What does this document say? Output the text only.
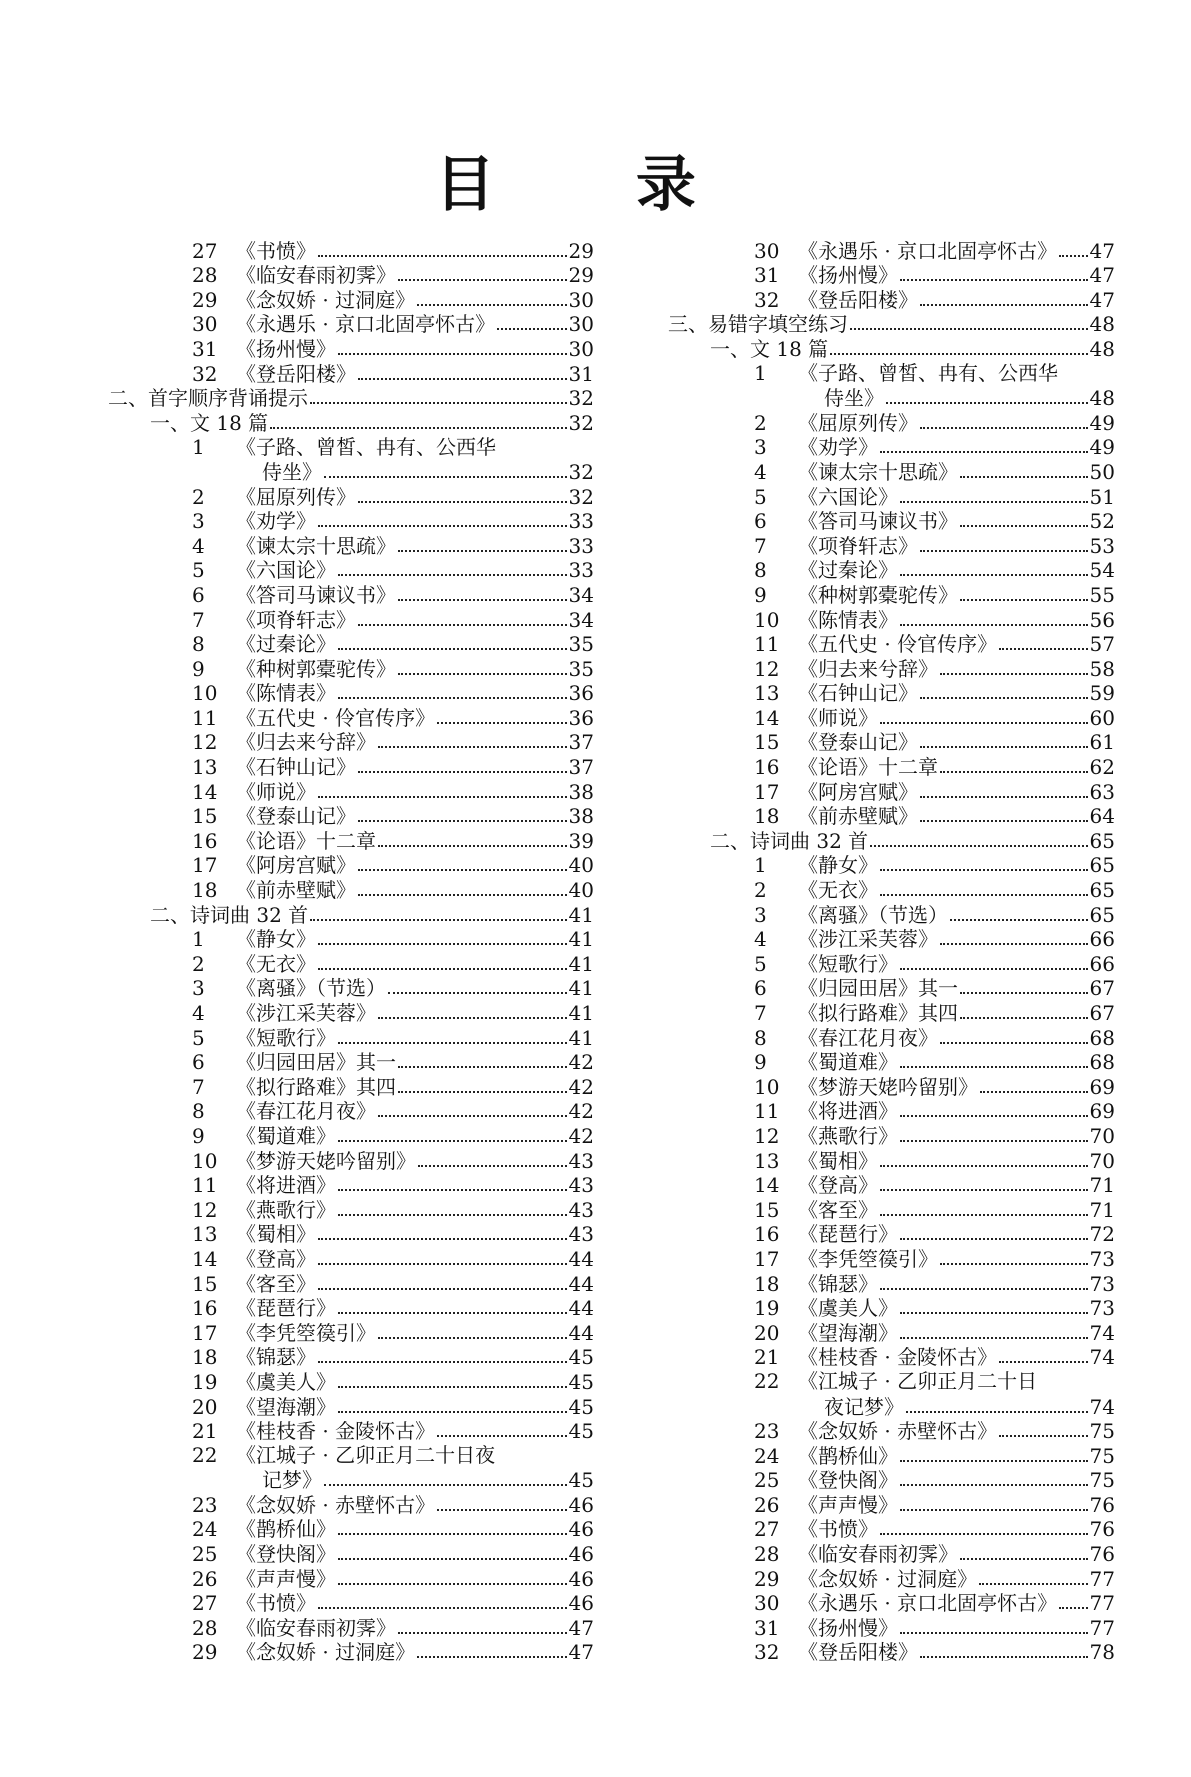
目 录
27 《书愤》	29
28 《临安春雨初霁》	29
29 《念奴娇 · 过洞庭》	30
30 《永遇乐 · 京口北固亭怀古》	30
31 《扬州慢》	30
32 《登岳阳楼》	31
二、首字顺序背诵提示	32
一、文 18 篇	32
1	《子路、曾皙、冉有、公西华
侍坐》	32
2	《屈原列传》	32
3	《劝学》	33
4	《谏太宗十思疏》	33
5	《六国论》	33
6	《答司马谏议书》	34
7	《项脊轩志》	34
8	《过秦论》	35
9	《种树郭橐驼传》	35
10 《陈情表》	36
11 《五代史 · 伶官传序》	36
12 《归去来兮辞》	37
13 《石钟山记》	37
14 《师说》	38
15 《登泰山记》	38
16 《论语》十二章	39
17 《阿房宫赋》	40
18 《前赤壁赋》	40
二、诗词曲 32 首	41
1	《静女》	41
2	《无衣》	41
3	《离骚》（节选）	41
4	《涉江采芙蓉》	41
5	《短歌行》	41
6	《归园田居》其一	42
7	《拟行路难》其四	42
8	《春江花月夜》	42
9	《蜀道难》	42
10 《梦游天姥吟留别》	43
11 《将进酒》	43
12 《燕歌行》	43
13 《蜀相》	43
14 《登高》	44
15 《客至》	44
16 《琵琶行》	44
17 《李凭箜篌引》	44
18 《锦瑟》	45
19 《虞美人》	45
20 《望海潮》	45
21 《桂枝香 · 金陵怀古》	45
22 《江城子 · 乙卯正月二十日夜
记梦》	45
23 《念奴娇 · 赤壁怀古》	46
24 《鹊桥仙》	46
25 《登快阁》	46
26 《声声慢》	46
27 《书愤》	46
28 《临安春雨初霁》	47
29 《念奴娇 · 过洞庭》	47
30 《永遇乐 · 京口北固亭怀古》 47
31 《扬州慢》	47
32 《登岳阳楼》	47
三、易错字填空练习	48
一、文 18 篇	48
1	《子路、曾皙、冉有、公西华
侍坐》	48
2	《屈原列传》	49
3	《劝学》	49
4	《谏太宗十思疏》	50
5	《六国论》	51
6	《答司马谏议书》	52
7	《项脊轩志》	53
8	《过秦论》	54
9	《种树郭橐驼传》	55
10 《陈情表》	56
11 《五代史 · 伶官传序》	57
12 《归去来兮辞》	58
13 《石钟山记》	59
14 《师说》	60
15 《登泰山记》	61
16 《论语》十二章	62
17 《阿房宫赋》	63
18 《前赤壁赋》	64
二、诗词曲 32 首	65
1	《静女》	65
2	《无衣》	65
3	《离骚》（节选）	65
4	《涉江采芙蓉》	66
5	《短歌行》	66
6	《归园田居》其一	67
7	《拟行路难》其四	67
8	《春江花月夜》	68
9	《蜀道难》	68
10 《梦游天姥吟留别》	69
11 《将进酒》	69
12 《燕歌行》	70
13 《蜀相》	70
14 《登高》	71
15 《客至》	71
16 《琵琶行》	72
17 《李凭箜篌引》	73
18 《锦瑟》	73
19 《虞美人》	73
20 《望海潮》	74
21 《桂枝香 · 金陵怀古》	74
22 《江城子 · 乙卯正月二十日
夜记梦》	74
23 《念奴娇 · 赤壁怀古》	75
24 《鹊桥仙》	75
25 《登快阁》	75
26 《声声慢》	76
27 《书愤》	76
28 《临安春雨初霁》	76
29 《念奴娇 · 过洞庭》	77
30 《永遇乐 · 京口北固亭怀古》 77
31 《扬州慢》	77
32 《登岳阳楼》	78
